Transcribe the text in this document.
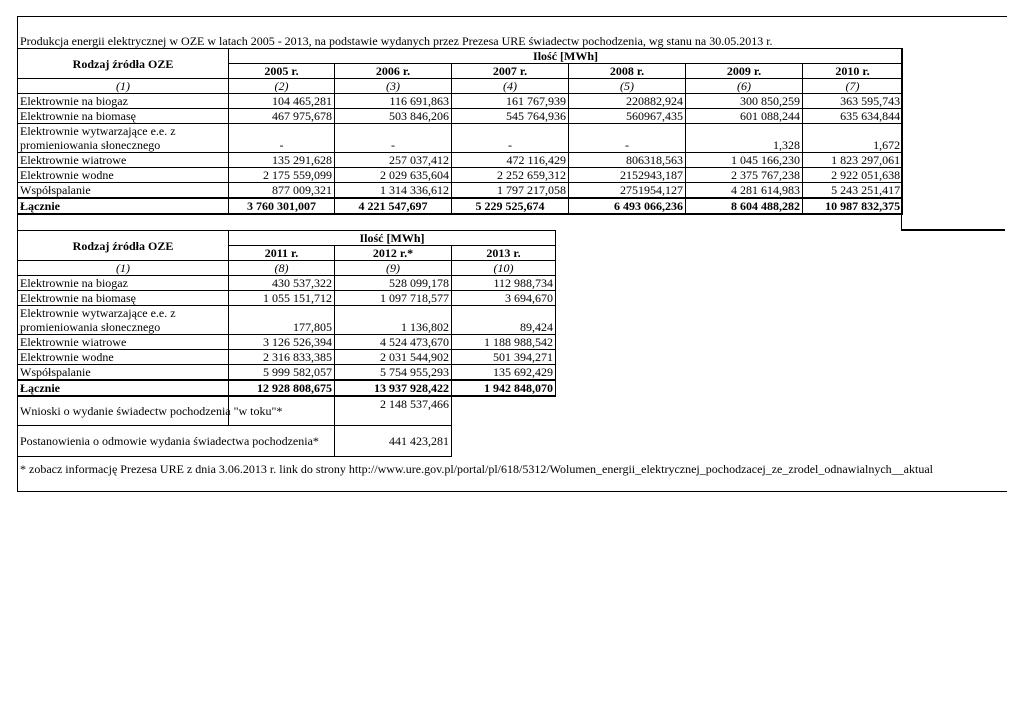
Produkcja energii elektrycznej w OZE w latach 2005 - 2013, na podstawie wydanych przez Prezesa URE świadectw pochodzenia, wg stanu na 30.05.2013 r.
Rodzaj źródła OZE	Ilość [MWh]					
	2005 r.	2006 r.	2007 r.	2008 r.	2009 r.	2010 r.
(1)	(2)	(3)	(4)	(5)	(6)	(7)
Elektrownie na biogaz	104 465,281	116 691,863	161 767,939	220882,924	300 850,259	363 595,743
Elektrownie na biomasę	467 975,678	503 846,206	545 764,936	560967,435	601 088,244	635 634,844
Elektrownie wytwarzające e.e. z promieniowania słonecznego	-	-	-	-	1,328	1,672
Elektrownie wiatrowe	135 291,628	257 037,412	472 116,429	806318,563	1 045 166,230	1 823 297,061
Elektrownie wodne	2 175 559,099	2 029 635,604	2 252 659,312	2152943,187	2 375 767,238	2 922 051,638
Współspalanie	877 009,321	1 314 336,612	1 797 217,058	2751954,127	4 281 614,983	5 243 251,417
Łącznie	3 760 301,007	4 221 547,697	5 229 525,674	6 493 066,236	8 604 488,282	10 987 832,375
Rodzaj źródła OZE	Ilość [MWh]		
	2011 r.	2012 r.*	2013 r.
(1)	(8)	(9)	(10)
Elektrownie na biogaz	430 537,322	528 099,178	112 988,734
Elektrownie na biomasę	1 055 151,712	1 097 718,577	3 694,670
Elektrownie wytwarzające e.e. z promieniowania słonecznego	177,805	1 136,802	89,424
Elektrownie wiatrowe	3 126 526,394	4 524 473,670	1 188 988,542
Elektrownie wodne	2 316 833,385	2 031 544,902	501 394,271
Współspalanie	5 999 582,057	5 754 955,293	135 692,429
Łącznie	12 928 808,675	13 937 928,422	1 942 848,070
Wnioski o wydanie świadectw pochodzenia "w toku"*		2 148 537,466	
Postanowienia o odmowie wydania świadectwa pochodzenia*		441 423,281	
* zobacz informację Prezesa URE z dnia 3.06.2013 r. link do strony http://www.ure.gov.pl/portal/pl/618/5312/Wolumen_energii_elektrycznej_pochodzacej_ze_zrodel_odnawialnych__aktual
